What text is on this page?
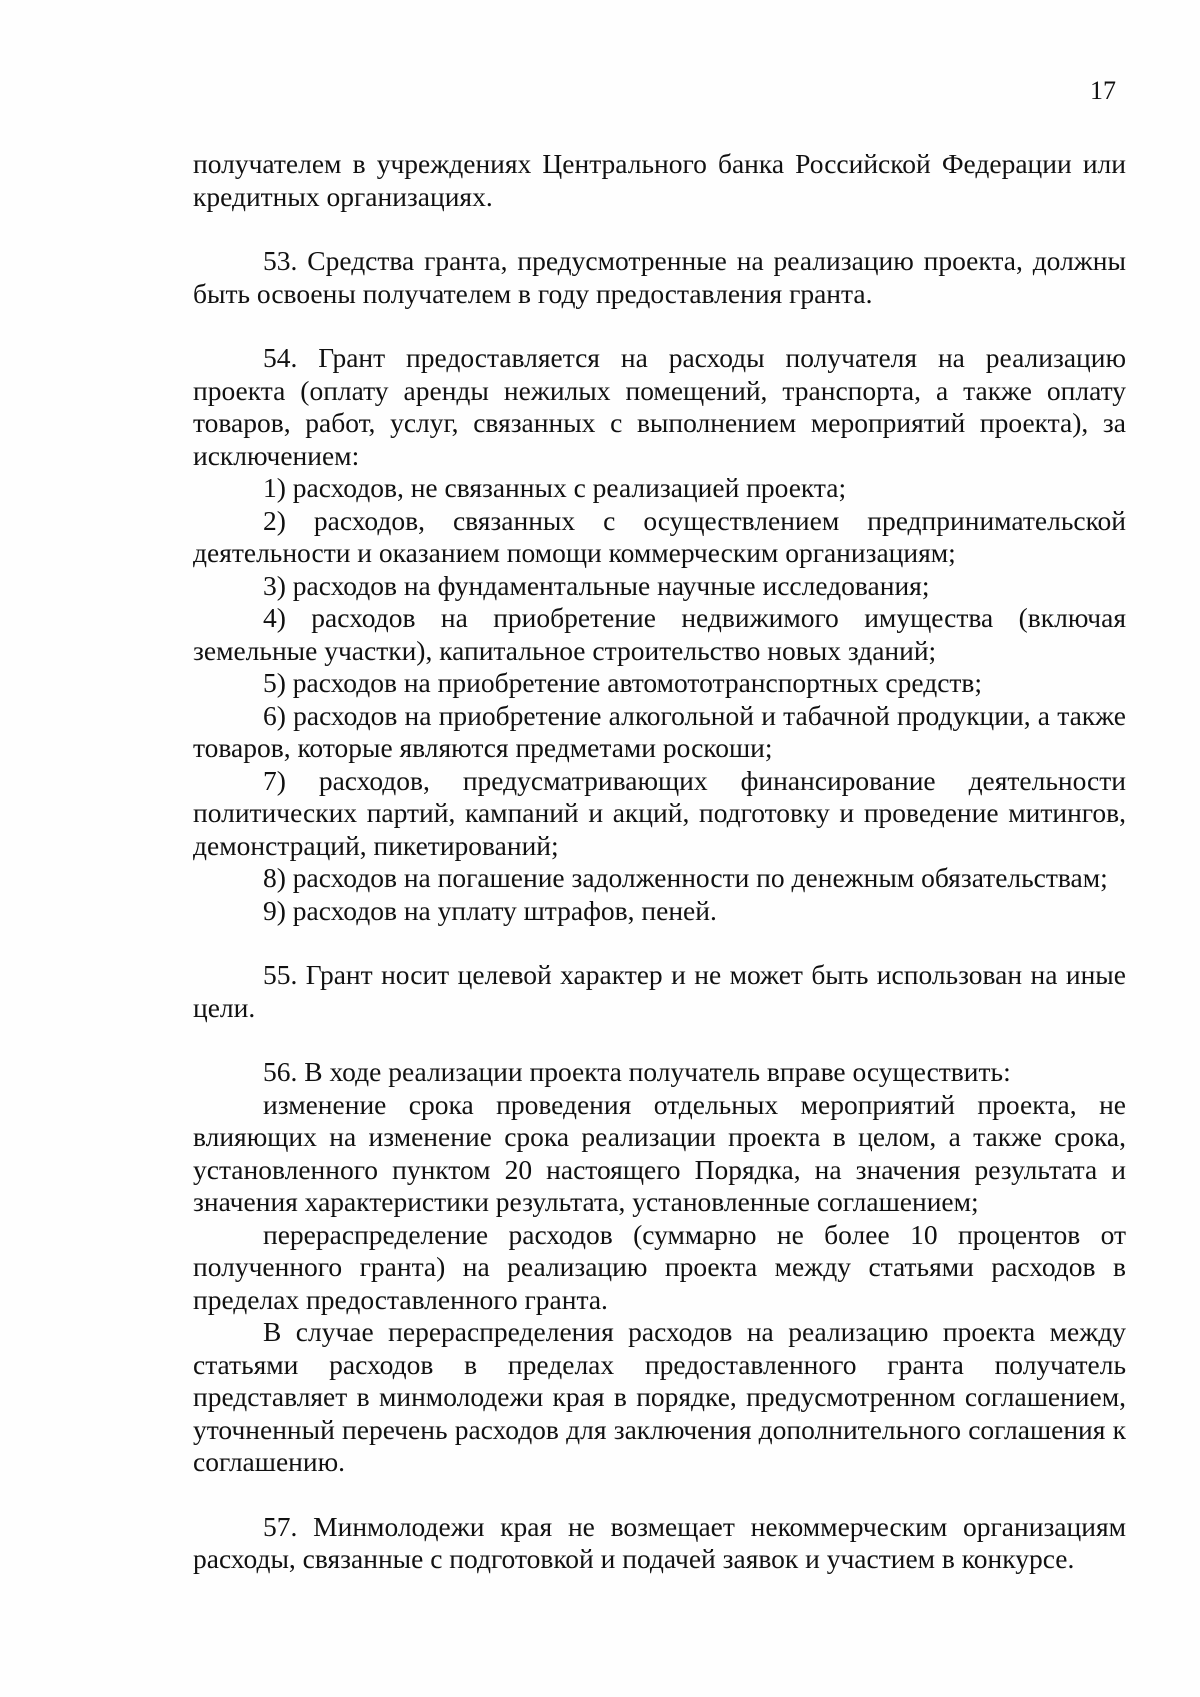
17

получателем в учреждениях Центрального банка Российской Федерации или кредитных организациях.

53. Средства гранта, предусмотренные на реализацию проекта, должны быть освоены получателем в году предоставления гранта.

54. Грант предоставляется на расходы получателя на реализацию проекта (оплату аренды нежилых помещений, транспорта, а также оплату товаров, работ, услуг, связанных с выполнением мероприятий проекта), за исключением:

1) расходов, не связанных с реализацией проекта;

2) расходов, связанных с осуществлением предпринимательской деятельности и оказанием помощи коммерческим организациям;

3) расходов на фундаментальные научные исследования;

4) расходов на приобретение недвижимого имущества (включая земельные участки), капитальное строительство новых зданий;

5) расходов на приобретение автомототранспортных средств;

6) расходов на приобретение алкогольной и табачной продукции, а также товаров, которые являются предметами роскоши;

7) расходов, предусматривающих финансирование деятельности политических партий, кампаний и акций, подготовку и проведение митингов, демонстраций, пикетирований;

8) расходов на погашение задолженности по денежным обязательствам;

9) расходов на уплату штрафов, пеней.

55. Грант носит целевой характер и не может быть использован на иные цели.

56. В ходе реализации проекта получатель вправе осуществить:

изменение срока проведения отдельных мероприятий проекта, не влияющих на изменение срока реализации проекта в целом, а также срока, установленного пунктом 20 настоящего Порядка, на значения результата и значения характеристики результата, установленные соглашением;

перераспределение расходов (суммарно не более 10 процентов от полученного гранта) на реализацию проекта между статьями расходов в пределах предоставленного гранта.

В случае перераспределения расходов на реализацию проекта между статьями расходов в пределах предоставленного гранта получатель представляет в минмолодежи края в порядке, предусмотренном соглашением, уточненный перечень расходов для заключения дополнительного соглашения к соглашению.

57. Минмолодежи края не возмещает некоммерческим организациям расходы, связанные с подготовкой и подачей заявок и участием в конкурсе.
